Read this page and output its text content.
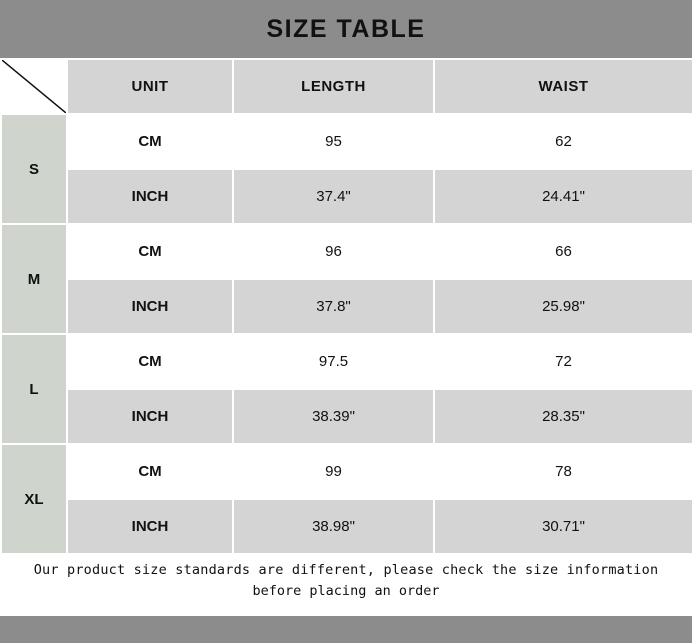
SIZE TABLE
	UNIT	LENGTH	WAIST
S	CM	95	62
	INCH	37.4"	24.41"
M	CM	96	66
	INCH	37.8"	25.98"
L	CM	97.5	72
	INCH	38.39"	28.35"
XL	CM	99	78
	INCH	38.98"	30.71"
Our product size standards are different, please check the size information
before placing an order
